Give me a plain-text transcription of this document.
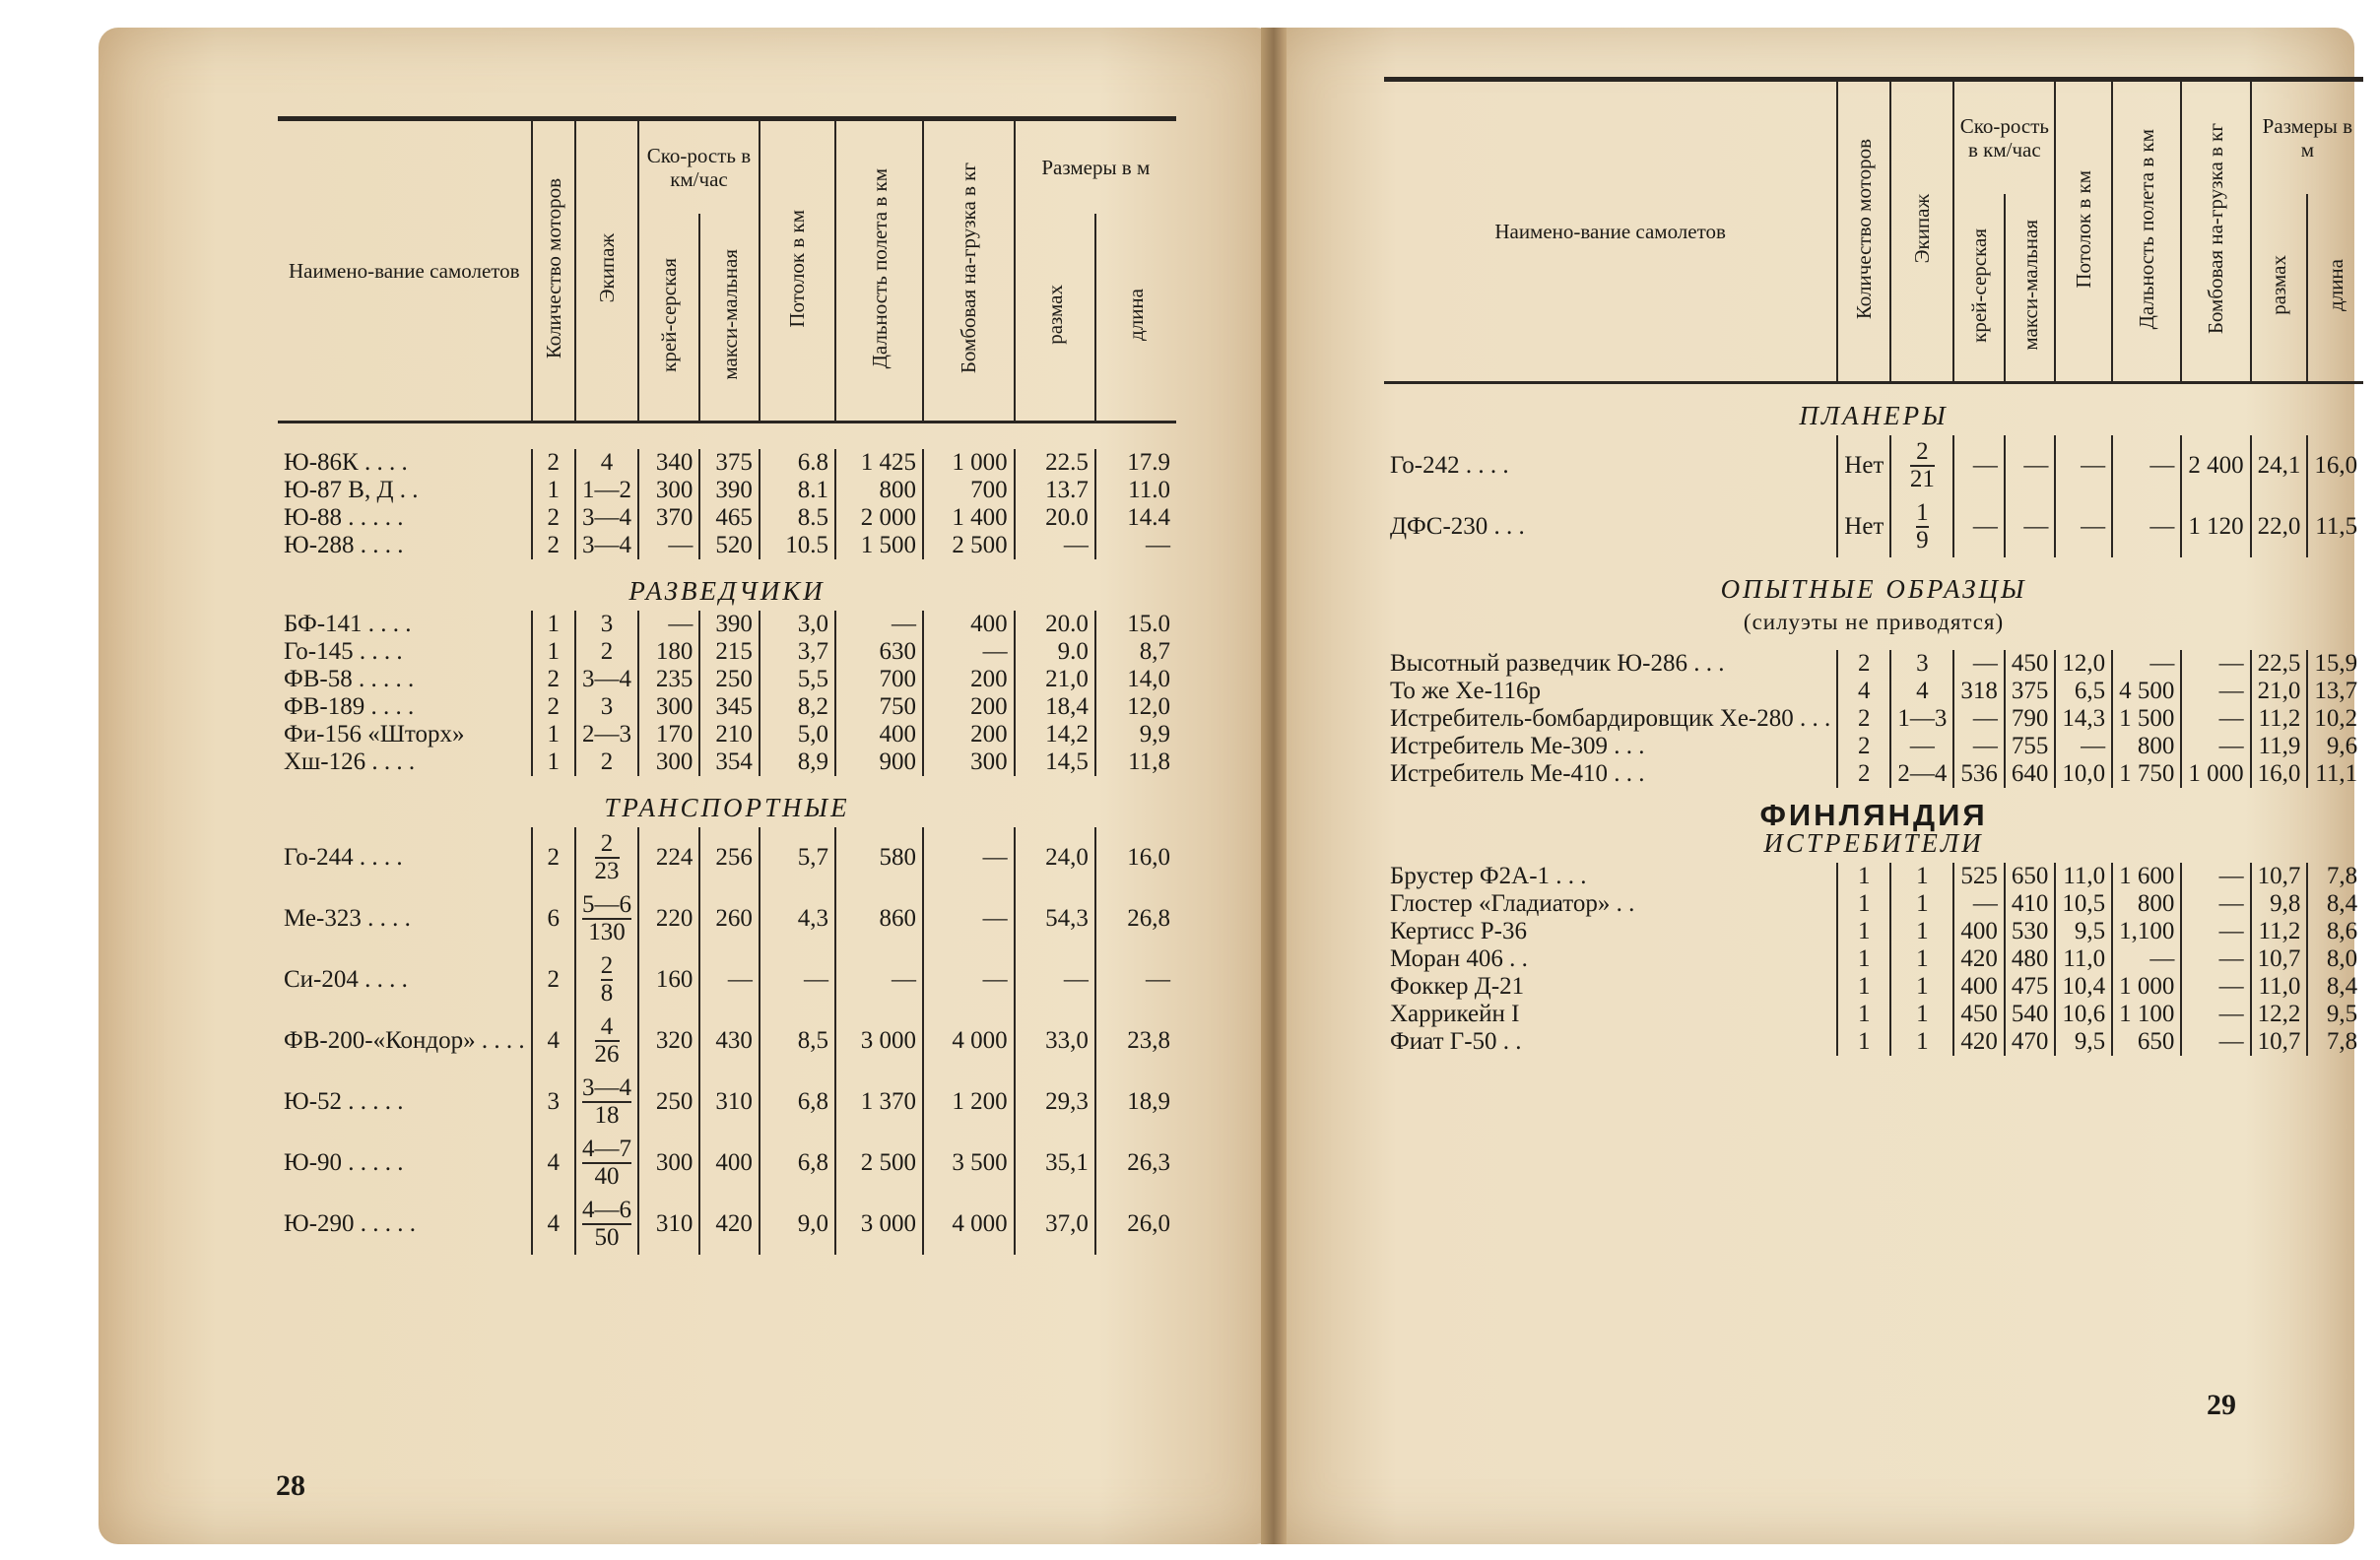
Наимено-вание самолетов	Количество моторов	Экипаж	Ско-рость в км/час		Потолок в км	Дальность полета в км	Бомбовая на-грузка в кг	Размеры в м	
			крей-серская	макси-мальная				размах	длина

Ю-86К . . . .	2	4	340	375	6.8	1 425	1 000	22.5	17.9
Ю-87 В, Д . .	1	1—2	300	390	8.1	800	700	13.7	11.0
Ю-88 . . . . .	2	3—4	370	465	8.5	2 000	1 400	20.0	14.4
Ю-288 . . . .	2	3—4	—	520	10.5	1 500	2 500	—	—
РАЗВЕДЧИКИ									
БФ-141 . . . .	1	3	—	390	3,0	—	400	20.0	15.0
Го-145 . . . .	1	2	180	215	3,7	630	—	9.0	8,7
ФВ-58 . . . . .	2	3—4	235	250	5,5	700	200	21,0	14,0
ФВ-189 . . . .	2	3	300	345	8,2	750	200	18,4	12,0
Фи-156 «Шторх»	1	2—3	170	210	5,0	400	200	14,2	9,9
Хш-126 . . . .	1	2	300	354	8,9	900	300	14,5	11,8
ТРАНСПОРТНЫЕ									
Го-244 . . . .	2	$\frac{2}{23}$	224	256	5,7	580	—	24,0	16,0
Ме-323 . . . .	6	$\frac{5—6}{130}$	220	260	4,3	860	—	54,3	26,8
Си-204 . . . .	2	$\frac{2}{8}$	160	—	—	—	—	—	—
ФВ-200-«Кондор» . . . .	4	$\frac{4}{26}$	320	430	8,5	3 000	4 000	33,0	23,8
Ю-52 . . . . .	3	$\frac{3—4}{18}$	250	310	6,8	1 370	1 200	29,3	18,9
Ю-90 . . . . .	4	$\frac{4—7}{40}$	300	400	6,8	2 500	3 500	35,1	26,3
Ю-290 . . . . .	4	$\frac{4—6}{50}$	310	420	9,0	3 000	4 000	37,0	26,0
28
Наимено-вание самолетов	Количество моторов	Экипаж	Ско-рость в км/час		Потолок в км	Дальность полета в км	Бомбовая на-грузка в кг	Размеры в м	
			крей-серская	макси-мальная				размах	длина
ПЛАНЕРЫ									
Го-242 . . . .	Нет	$\frac{2}{21}$	—	—	—	—	2 400	24,1	16,0
ДФС-230 . . .	Нет	$\frac{1}{9}$	—	—	—	—	1 120	22,0	11,5
ОПЫТНЫЕ ОБРАЗЦЫ									
(силуэты не приводятся)									
Высотный разведчик Ю-286 . . .	2	3	—	450	12,0	—	—	22,5	15,9
То же Хе-116р	4	4	318	375	6,5	4 500	—	21,0	13,7
Истребитель-бомбардировщик Хе-280 . . .	2	1—3	—	790	14,3	1 500	—	11,2	10,2
Истребитель Ме-309 . . .	2	—	—	755	—	800	—	11,9	9,6
Истребитель Ме-410 . . .	2	2—4	536	640	10,0	1 750	1 000	16,0	11,1
ФИНЛЯНДИЯ									
ИСТРЕБИТЕЛИ									
Брустер Ф2А-1 . . .	1	1	525	650	11,0	1 600	—	10,7	7,8
Глостер «Гладиатор» . .	1	1	—	410	10,5	800	—	9,8	8,4
Кертисс Р-36	1	1	400	530	9,5	1,100	—	11,2	8,6
Моран 406 . .	1	1	420	480	11,0	—	—	10,7	8,0
Фоккер Д-21	1	1	400	475	10,4	1 000	—	11,0	8,4
Харрикейн I	1	1	450	540	10,6	1 100	—	12,2	9,5
Фиат Г-50 . .	1	1	420	470	9,5	650	—	10,7	7,8
29
